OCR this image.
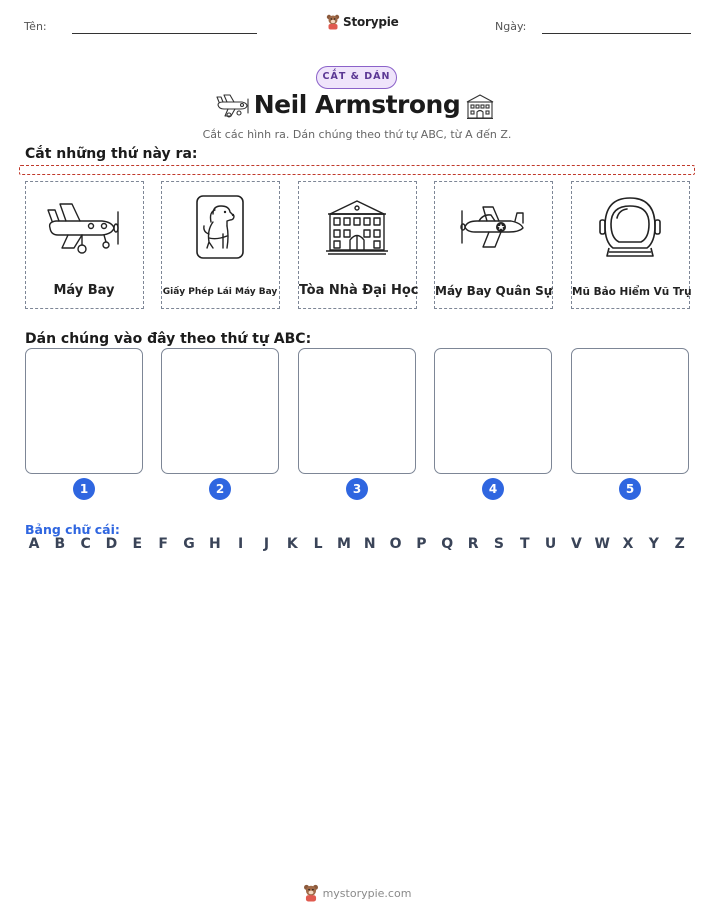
Tên:	Storypie	Ngày:
CẮT & DÁN
Neil Armstrong
Cắt các hình ra. Dán chúng theo thứ tự ABC, từ A đến Z.
Cắt những thứ này ra:
Máy Bay	Giấy Phép Lái Máy Bay Tòa Nhà Đại Học Máy Bay Quân Sự Mũ Bảo Hiểm Vũ Trụ
Dán chúng vào đây theo thứ tự ABC:
1	2	3	4	5
Bảng chữ cái:
A B C D	E	F	G H	I	J	K	L	M N O P Q R S	T	U V W X Y Z
mystorypie.com
